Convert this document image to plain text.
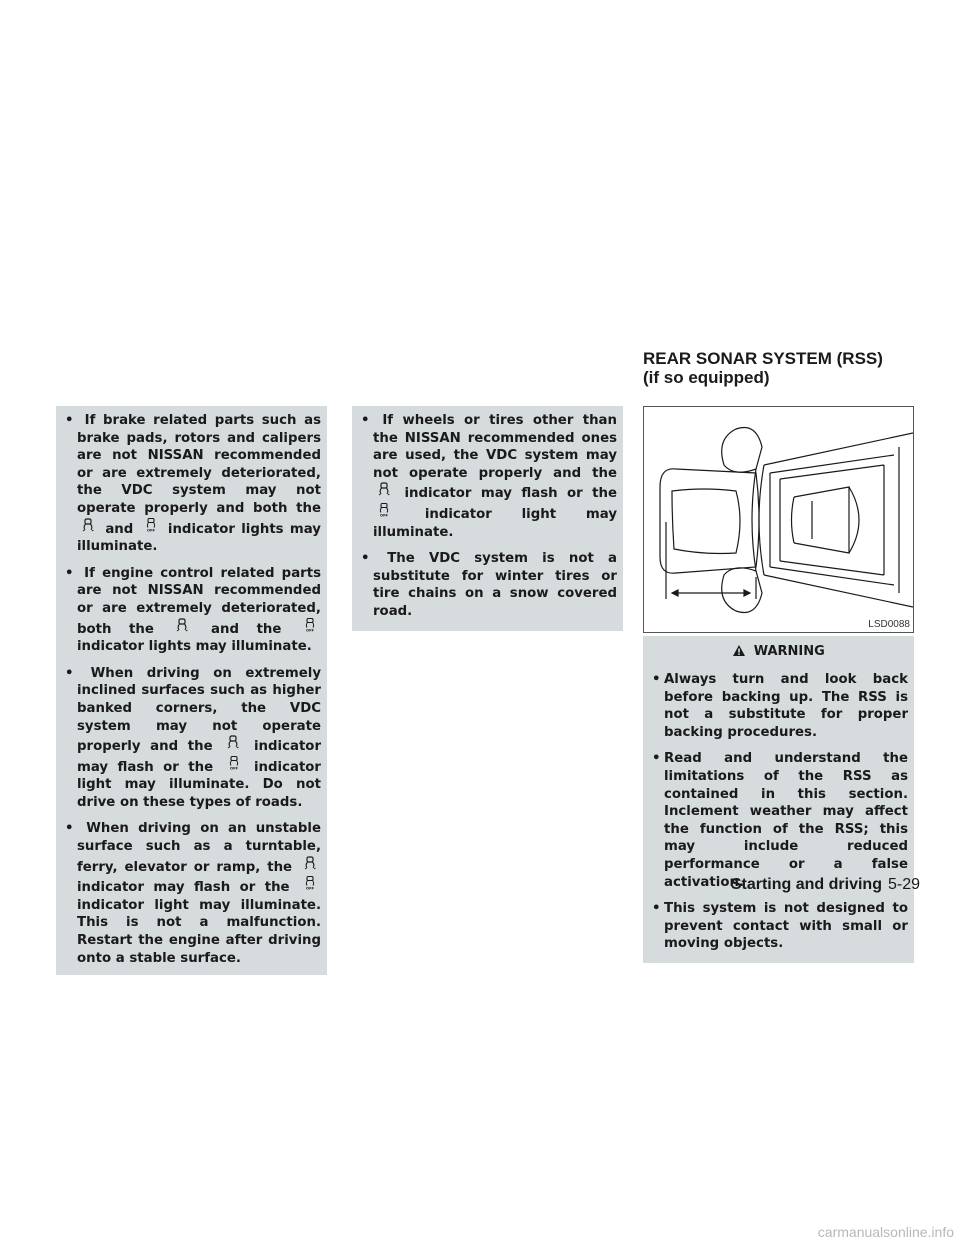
• If brake related parts such as brake pads, rotors and calipers are not NISSAN recommended or are extremely deteriorated, the VDC system may not operate properly and both the
and	indicator lights may illuminate.
• If engine control related parts are not NISSAN recommended or are extremely deteriorated, both the	and the
indicator lights may illuminate.
• When driving on extremely inclined surfaces such as higher banked corners, the VDC system may not operate properly and the	indicator may flash or the	indicator light may illuminate. Do not drive on these types of roads.
• When driving on an unstable surface such as a turntable, ferry, elevator or ramp, the
indicator may flash or the
indicator light may illuminate. This is not a malfunction. Restart the engine after driving onto a stable surface.
• If wheels or tires other than the NISSAN recommended ones are used, the VDC system may not operate properly and the
indicator may flash or the
indicator light may illuminate.
• The VDC system is not a substitute for winter tires or tire chains on a snow covered road.
REAR SONAR SYSTEM (RSS)
(if so equipped)
LSD0088
WARNING
• Always turn and look back before backing up. The RSS is not a substitute for proper backing procedures.
• Read and understand the limitations of the RSS as contained in this section. Inclement weather may affect the function of the RSS; this may include reduced performance or a false activation.
• This system is not designed to prevent contact with small or moving objects.
Starting and driving 5-29
carmanualsonline.info
